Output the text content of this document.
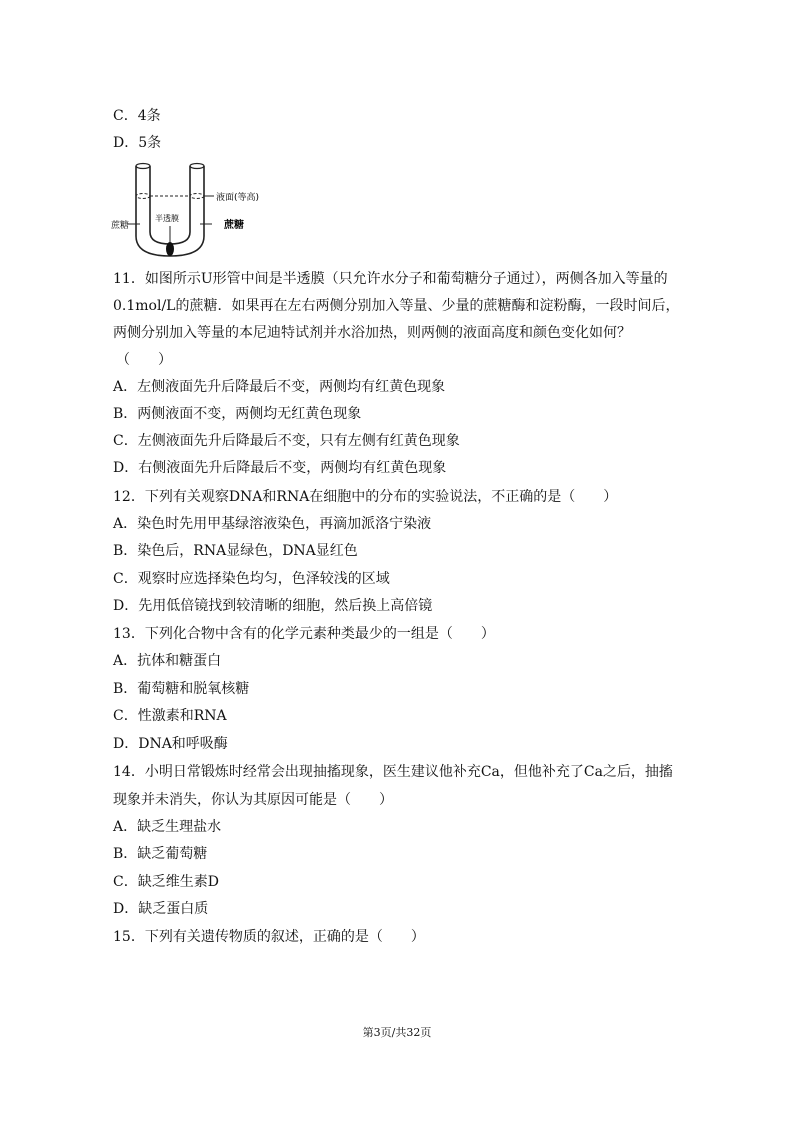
C．4条
D．5条
蔗糖
半透膜
液面(等高)
蔗糖
11．如图所示U形管中间是半透膜（只允许水分子和葡萄糖分子通过），两侧各加入等量的
0.1mol/L的蔗糖．如果再在左右两侧分别加入等量、少量的蔗糖酶和淀粉酶，一段时间后，
两侧分别加入等量的本尼迪特试剂并水浴加热，则两侧的液面高度和颜色变化如何？
（　　）
A．左侧液面先升后降最后不变，两侧均有红黄色现象
B．两侧液面不变，两侧均无红黄色现象
C．左侧液面先升后降最后不变，只有左侧有红黄色现象
D．右侧液面先升后降最后不变，两侧均有红黄色现象
12．下列有关观察DNA和RNA在细胞中的分布的实验说法，不正确的是（　　）
A．染色时先用甲基绿溶液染色，再滴加派洛宁染液
B．染色后，RNA显绿色，DNA显红色
C．观察时应选择染色均匀，色泽较浅的区域
D．先用低倍镜找到较清晰的细胞，然后换上高倍镜
13．下列化合物中含有的化学元素种类最少的一组是（　　）
A．抗体和糖蛋白
B．葡萄糖和脱氧核糖
C．性激素和RNA
D．DNA和呼吸酶
14．小明日常锻炼时经常会出现抽搐现象，医生建议他补充Ca，但他补充了Ca之后，抽搐
现象并未消失，你认为其原因可能是（　　）
A．缺乏生理盐水
B．缺乏葡萄糖
C．缺乏维生素D
D．缺乏蛋白质
15．下列有关遗传物质的叙述，正确的是（　　）
第3页/共32页
